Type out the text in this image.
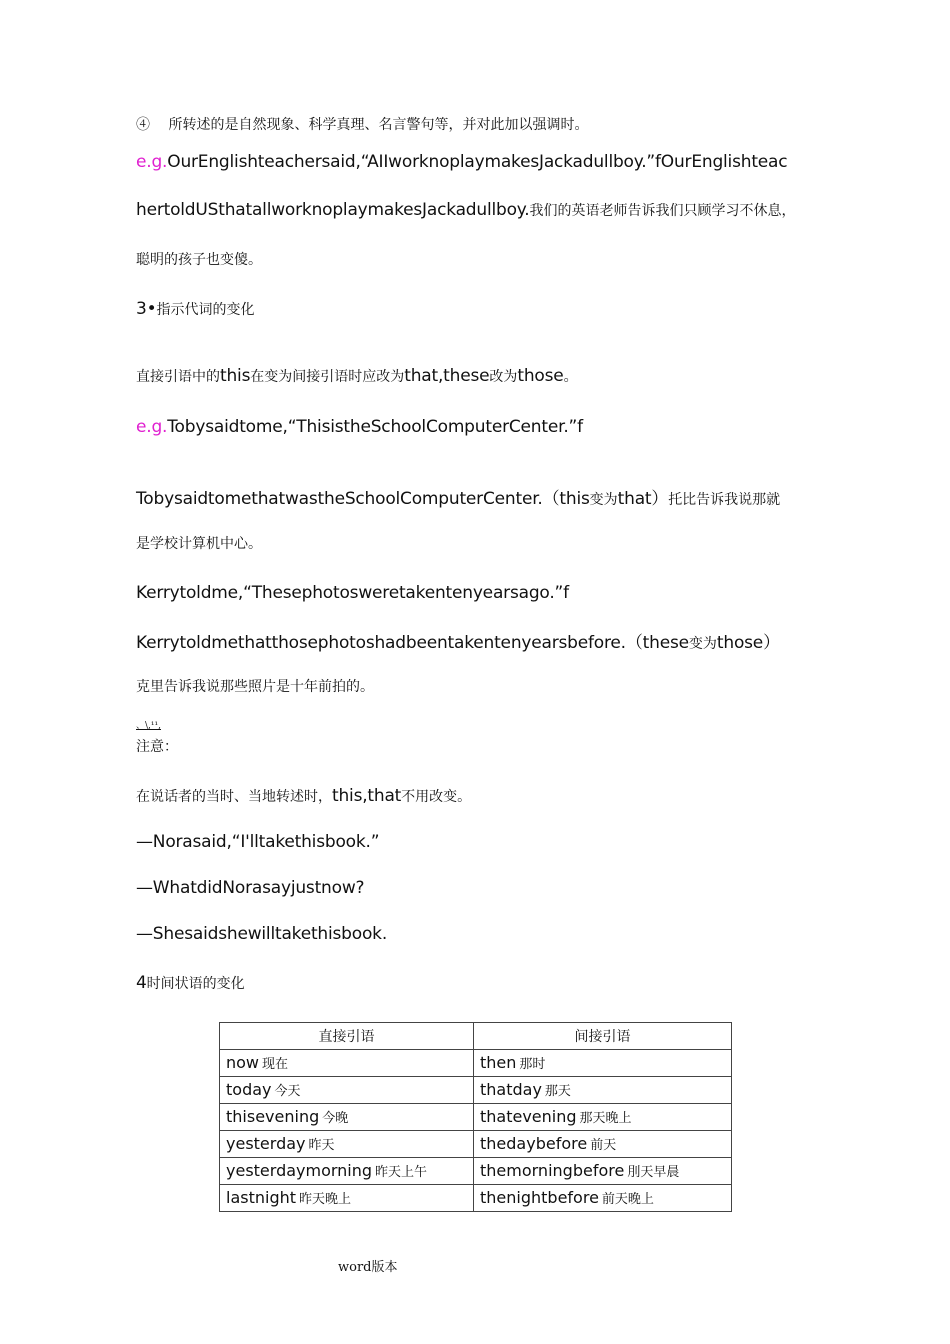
④　 所转述的是自然现象、科学真理、名言警句等，并对此加以强调时。
e.g.OurEnglishteachersaid,“AIIworknoplaymakesJackadullboy.”fOurEnglishteac
hertoldUSthatallworknoplaymakesJackadullboy.我们的英语老师告诉我们只顾学习不休息，
聪明的孩子也变傻。
3•指示代词的变化
直接引语中的this在变为间接引语时应改为that,these改为those。
e.g.Tobysaidtome,“ThisistheSchoolComputerCenter.”f
TobysaidtomethatwastheSchoolComputerCenter.（this变为that）托比告诉我说那就
是学校计算机中心。
Kerrytoldme,“Thesephotosweretakentenyearsago.”f
Kerrytoldmethatthosephotoshadbeentakentenyearsbefore.（these变为those）
克里告诉我说那些照片是十年前拍的。
、\,¹¹,
注意：
在说话者的当时、当地转述时，this,that不用改变。
—Norasaid,“I'lltakethisbook.”
—WhatdidNorasayjustnow?
—Shesaidshewilltakethisbook.
4时间状语的变化
直接引语	间接引语
now 现在	then 那时
today 今天	thatday 那天
thisevening 今晚	thatevening 那天晚上
yesterday 昨天	thedaybefore 前天
yesterdaymorning 昨天上午	themorningbefore 刖天早晨
lastnight 昨天晚上	thenightbefore 前天晚上
word版本
